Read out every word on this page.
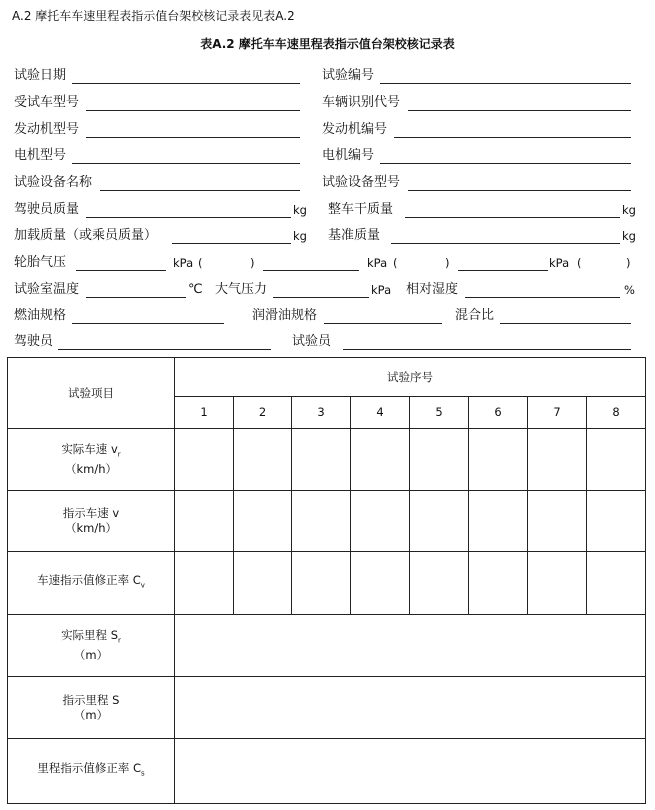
A.2 摩托车车速里程表指示值台架校核记录表见表A.2
表A.2 摩托车车速里程表指示值台架校核记录表
试验日期	试验编号
受试车型号	车辆识别代号
发动机型号	发动机编号
电机型号	电机编号
试验设备名称	试验设备型号
驾驶员质量	kg 整车干质量	kg
加载质量（或乘员质量）	kg 基准质量	kg
轮胎气压	kPa (	)	kPa (	)	kPa (	)
试验室温度	℃ 大气压力	kPa 相对湿度	%
燃油规格	润滑油规格	混合比
驾驶员	试验员
试验项目	试验序号							
	1	2	3	4	5	6	7	8
实际车速 $v_r$
（km/h）								
指示车速 v
（km/h）								
车速指示值修正率 $C_v$								
实际里程 $S_r$
（m）								
指示里程 S
（m）								
里程指示值修正率 $C_s$	
